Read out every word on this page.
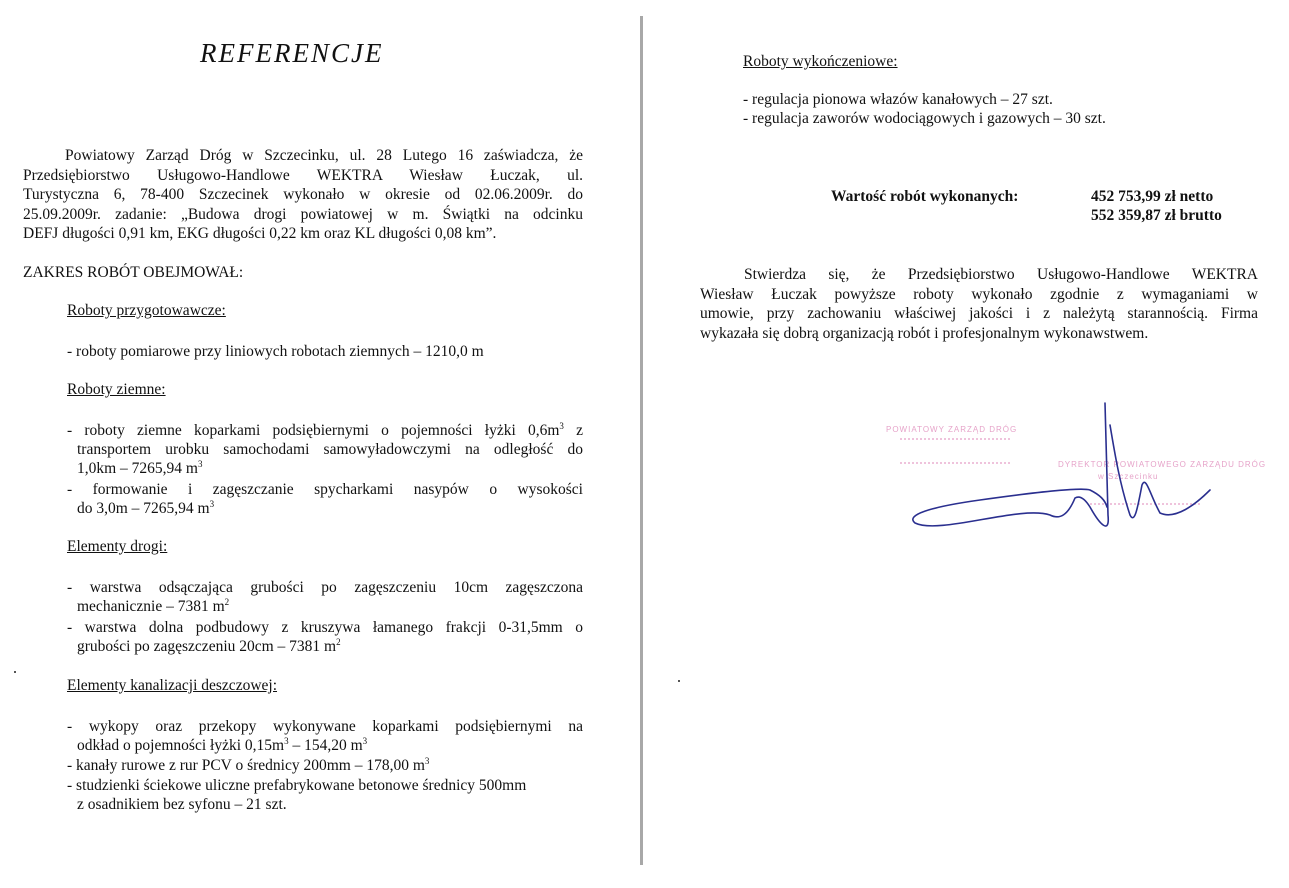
REFERENCJE
Powiatowy Zarząd Dróg w Szczecinku, ul. 28 Lutego 16 zaświadcza, że
Przedsiębiorstwo Usługowo-Handlowe WEKTRA Wiesław Łuczak, ul.
Turystyczna 6, 78-400 Szczecinek wykonało w okresie od 02.06.2009r. do
25.09.2009r. zadanie: „Budowa drogi powiatowej w m. Świątki na odcinku
DEFJ długości 0,91 km, EKG długości 0,22 km oraz KL długości 0,08 km”.
ZAKRES ROBÓT OBEJMOWAŁ:
Roboty przygotowawcze:
- roboty pomiarowe przy liniowych robotach ziemnych – 1210,0 m
Roboty ziemne:
- roboty ziemne koparkami podsiębiernymi o pojemności łyżki $0,6m^3$ z
transportem urobku samochodami samowyładowczymi na odległość do
1,0km – 7265,94 $m^3$
- formowanie i zagęszczanie spycharkami nasypów o wysokości
do 3,0m – 7265,94 $m^3$
Elementy drogi:
- warstwa odsączająca grubości po zagęszczeniu 10cm zagęszczona
mechanicznie – 7381 $m^2$
- warstwa dolna podbudowy z kruszywa łamanego frakcji 0-31,5mm o
grubości po zagęszczeniu 20cm – 7381 $m^2$
Elementy kanalizacji deszczowej:
- wykopy oraz przekopy wykonywane koparkami podsiębiernymi na
odkład o pojemności łyżki $0,15m^3 - 154,20$ $m^3$
- kanały rurowe z rur PCV o średnicy 200mm – 178,00 $m^3$
- studzienki ściekowe uliczne prefabrykowane betonowe średnicy 500mm
z osadnikiem bez syfonu – 21 szt.
Roboty wykończeniowe:
- regulacja pionowa włazów kanałowych – 27 szt.
- regulacja zaworów wodociągowych i gazowych – 30 szt.
Wartość robót wykonanych:	452 753,99 zł netto
552 359,87 zł brutto
Stwierdza się, że Przedsiębiorstwo Usługowo-Handlowe WEKTRA
Wiesław Łuczak powyższe roboty wykonało zgodnie z wymaganiami w
umowie, przy zachowaniu właściwej jakości i z należytą starannością. Firma
wykazała się dobrą organizacją robót i profesjonalnym wykonawstwem.
POWIATOWY ZARZĄD DRÓG
DYREKTOR POWIATOWEGO ZARZĄDU DRÓG
w Szczecinku
